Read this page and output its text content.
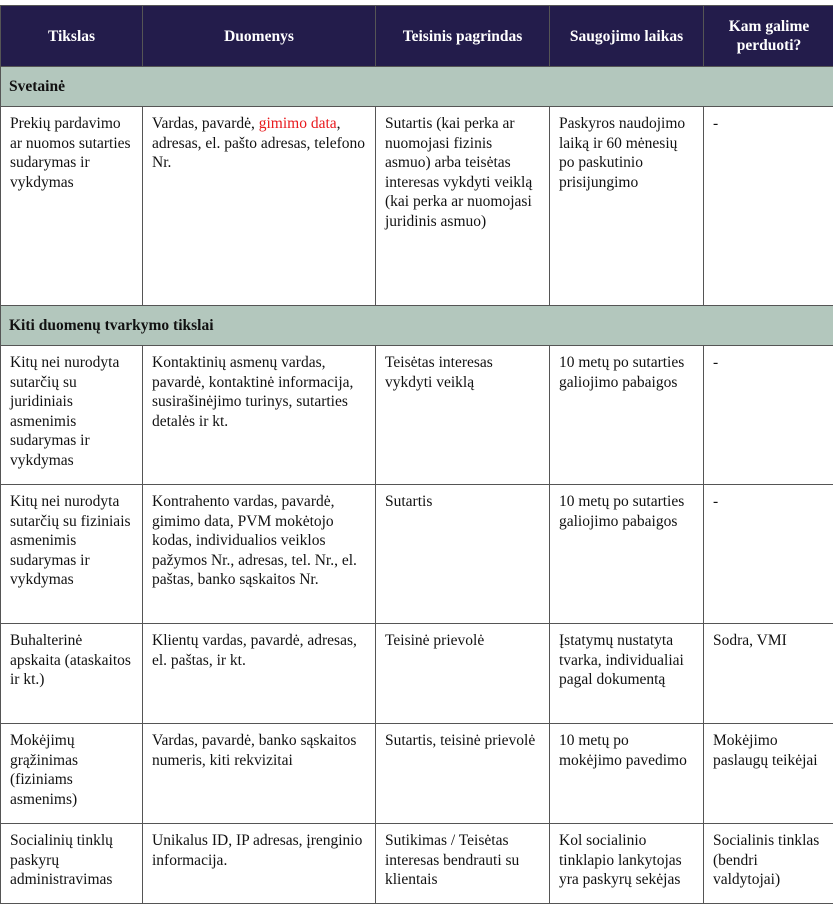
Tikslas	Duomenys	Teisinis pagrindas	Saugojimo laikas	Kam galime perduoti?
Svetainė				
Prekių pardavimo ar nuomos sutarties sudarymas ir vykdymas	Vardas, pavardė, gimimo data, adresas, el. pašto adresas, telefono Nr.	Sutartis (kai perka ar nuomojasi fizinis asmuo) arba teisėtas interesas vykdyti veiklą (kai perka ar nuomojasi juridinis asmuo)	Paskyros naudojimo laiką ir 60 mėnesių po paskutinio prisijungimo	-
Kiti duomenų tvarkymo tikslai				
Kitų nei nurodyta sutarčių su juridiniais asmenimis sudarymas ir vykdymas	Kontaktinių asmenų vardas, pavardė, kontaktinė informacija, susirašinėjimo turinys, sutarties detalės ir kt.	Teisėtas interesas vykdyti veiklą	10 metų po sutarties galiojimo pabaigos	-
Kitų nei nurodyta sutarčių su fiziniais asmenimis sudarymas ir vykdymas	Kontrahento vardas, pavardė, gimimo data, PVM mokėtojo kodas, individualios veiklos pažymos Nr., adresas, tel. Nr., el. paštas, banko sąskaitos Nr.	Sutartis	10 metų po sutarties galiojimo pabaigos	-
Buhalterinė apskaita (ataskaitos ir kt.)	Klientų vardas, pavardė, adresas, el. paštas, ir kt.	Teisinė prievolė	Įstatymų nustatyta tvarka, individualiai pagal dokumentą	Sodra, VMI
Mokėjimų grąžinimas (fiziniams asmenims)	Vardas, pavardė, banko sąskaitos numeris, kiti rekvizitai	Sutartis, teisinė prievolė	10 metų po mokėjimo pavedimo	Mokėjimo paslaugų teikėjai
Socialinių tinklų paskyrų administravimas	Unikalus ID, IP adresas, įrenginio informacija.	Sutikimas / Teisėtas interesas bendrauti su klientais	Kol socialinio tinklapio lankytojas yra paskyrų sekėjas	Socialinis tinklas (bendri valdytojai)
